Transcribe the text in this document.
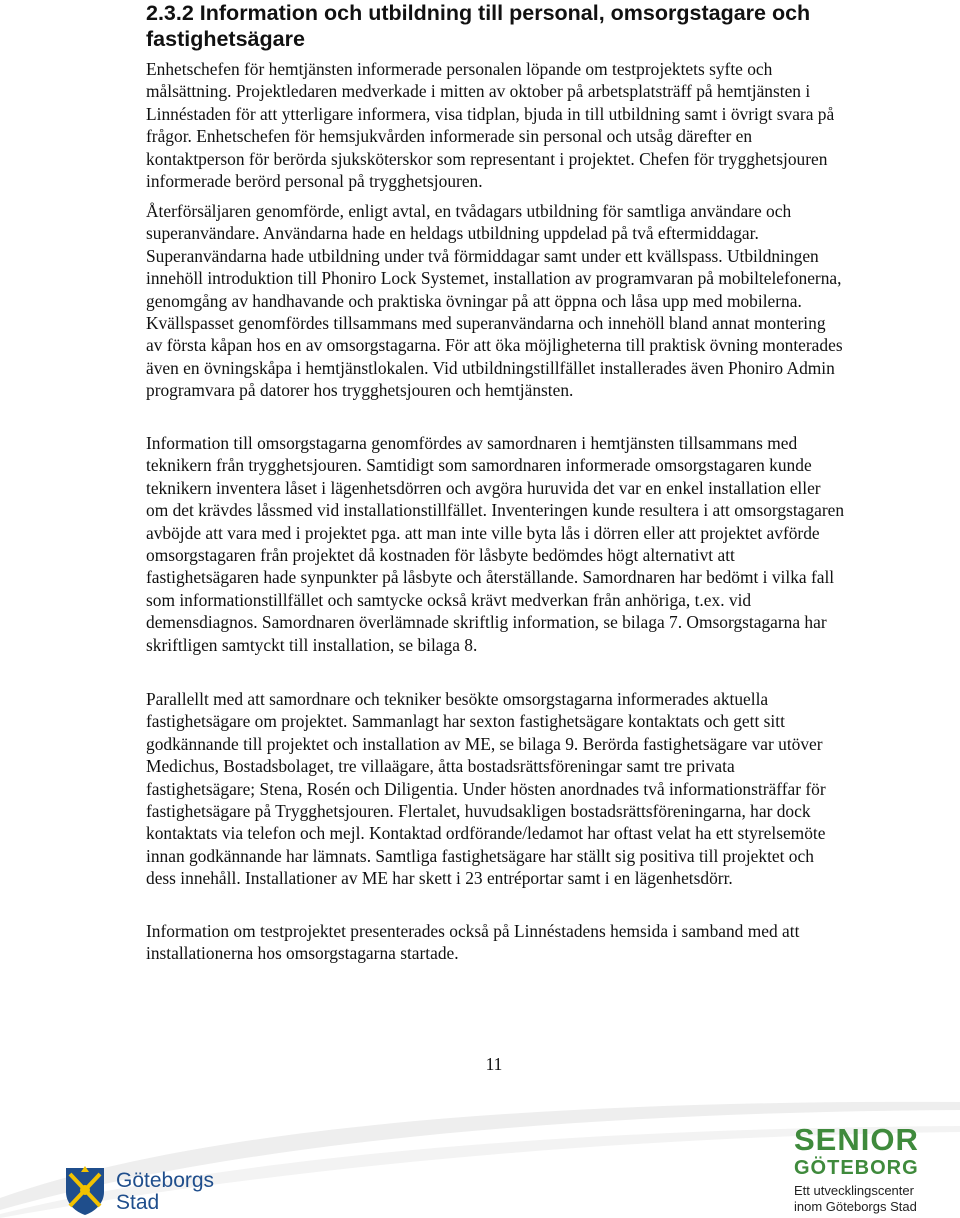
2.3.2 Information och utbildning till personal, omsorgstagare och fastighetsägare

Enhetschefen för hemtjänsten informerade personalen löpande om testprojektets syfte och målsättning. Projektledaren medverkade i mitten av oktober på arbetsplatsträff på hemtjänsten i Linnéstaden för att ytterligare informera, visa tidplan, bjuda in till utbildning samt i övrigt svara på frågor. Enhetschefen för hemsjukvården informerade sin personal och utsåg därefter en kontaktperson för berörda sjuksköterskor som representant i projektet. Chefen för trygghetsjouren informerade berörd personal på trygghetsjouren.

Återförsäljaren genomförde, enligt avtal, en tvådagars utbildning för samtliga användare och superanvändare. Användarna hade en heldags utbildning uppdelad på två eftermiddagar. Superanvändarna hade utbildning under två förmiddagar samt under ett kvällspass. Utbildningen innehöll introduktion till Phoniro Lock Systemet, installation av programvaran på mobiltelefonerna, genomgång av handhavande och praktiska övningar på att öppna och låsa upp med mobilerna. Kvällspasset genomfördes tillsammans med superanvändarna och innehöll bland annat montering av första kåpan hos en av omsorgstagarna. För att öka möjligheterna till praktisk övning monterades även en övningskåpa i hemtjänstlokalen. Vid utbildningstillfället installerades även Phoniro Admin programvara på datorer hos trygghetsjouren och hemtjänsten.

Information till omsorgstagarna genomfördes av samordnaren i hemtjänsten tillsammans med teknikern från trygghetsjouren. Samtidigt som samordnaren informerade omsorgstagaren kunde teknikern inventera låset i lägenhetsdörren och avgöra huruvida det var en enkel installation eller om det krävdes låssmed vid installationstillfället. Inventeringen kunde resultera i att omsorgstagaren avböjde att vara med i projektet pga. att man inte ville byta lås i dörren eller att projektet avförde omsorgstagaren från projektet då kostnaden för låsbyte bedömdes högt alternativt att fastighetsägaren hade synpunkter på låsbyte och återställande. Samordnaren har bedömt i vilka fall som informationstillfället och samtycke också krävt medverkan från anhöriga, t.ex. vid demensdiagnos. Samordnaren överlämnade skriftlig information, se bilaga 7. Omsorgstagarna har skriftligen samtyckt till installation, se bilaga 8.

Parallellt med att samordnare och tekniker besökte omsorgstagarna informerades aktuella fastighetsägare om projektet. Sammanlagt har sexton fastighetsägare kontaktats och gett sitt godkännande till projektet och installation av ME, se bilaga 9. Berörda fastighetsägare var utöver Medichus, Bostadsbolaget, tre villaägare, åtta bostadsrättsföreningar samt tre privata fastighetsägare; Stena, Rosén och Diligentia. Under hösten anordnades två informationsträffar för fastighetsägare på Trygghetsjouren. Flertalet, huvudsakligen bostadsrättsföreningarna, har dock kontaktats via telefon och mejl. Kontaktad ordförande/ledamot har oftast velat ha ett styrelsemöte innan godkännande har lämnats. Samtliga fastighetsägare har ställt sig positiva till projektet och dess innehåll. Installationer av ME har skett i 23 entréportar samt i en lägenhetsdörr.

Information om testprojektet presenterades också på Linnéstadens hemsida i samband med att installationerna hos omsorgstagarna startade.

11
Göteborgs
Stad
SENIOR
GÖTEBORG
Ett utvecklingscenter
inom Göteborgs Stad
